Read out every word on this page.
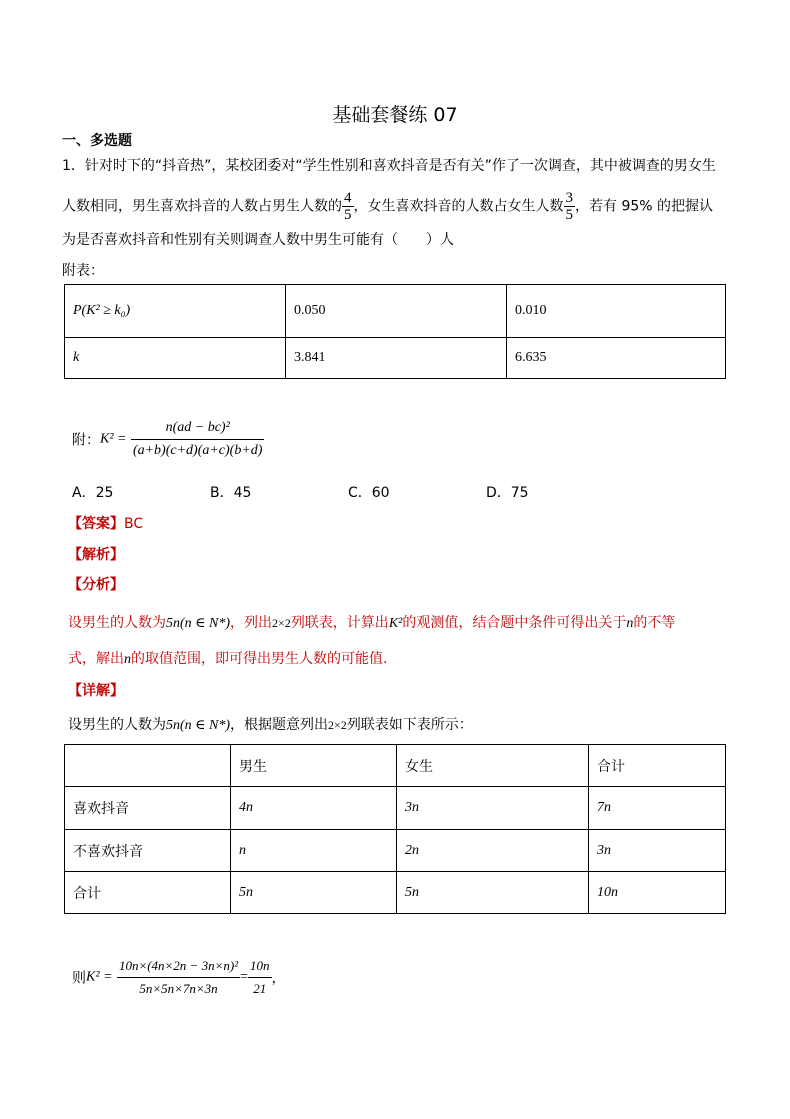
基础套餐练 07
一、多选题
1．针对时下的“抖音热”，某校团委对“学生性别和喜欢抖音是否有关”作了一次调查，其中被调查的男女生
人数相同，男生喜欢抖音的人数占男生人数的 $\frac{4}{5}$ ，女生喜欢抖音的人数占女生人数 $\frac{3}{5}$ ，若有 95% 的把握认
为是否喜欢抖音和性别有关则调查人数中男生可能有（　　）人
附表：
P(K² ≥ k₀)	0.050	0.010
k	3.841	6.635
附：$K^2 = \frac{\text{n(ad − bc)²}}{(a+b)(c+d)(a+c)(b+d)}$
A．25	B．45	C．60	D．75
【答案】BC
【解析】
【分析】
设男生的人数为5n(n ∈ N*)，列出2×2列联表，计算出K²的观测值，结合题中条件可得出关于n的不等
式，解出n的取值范围，即可得出男生人数的可能值.
【详解】
设男生的人数为5n(n ∈ N*)，根据题意列出2×2列联表如下表所示：
	男生	女生	合计
喜欢抖音	4n	3n	7n
不喜欢抖音	n	2n	3n
合计	5n	5n	10n
则$K^2 = \frac{\text{10n×(4n×2n − 3n×n)²}}{5n\times 5n\times 7n\times 3n} = \frac{10n}{21}$ ，
